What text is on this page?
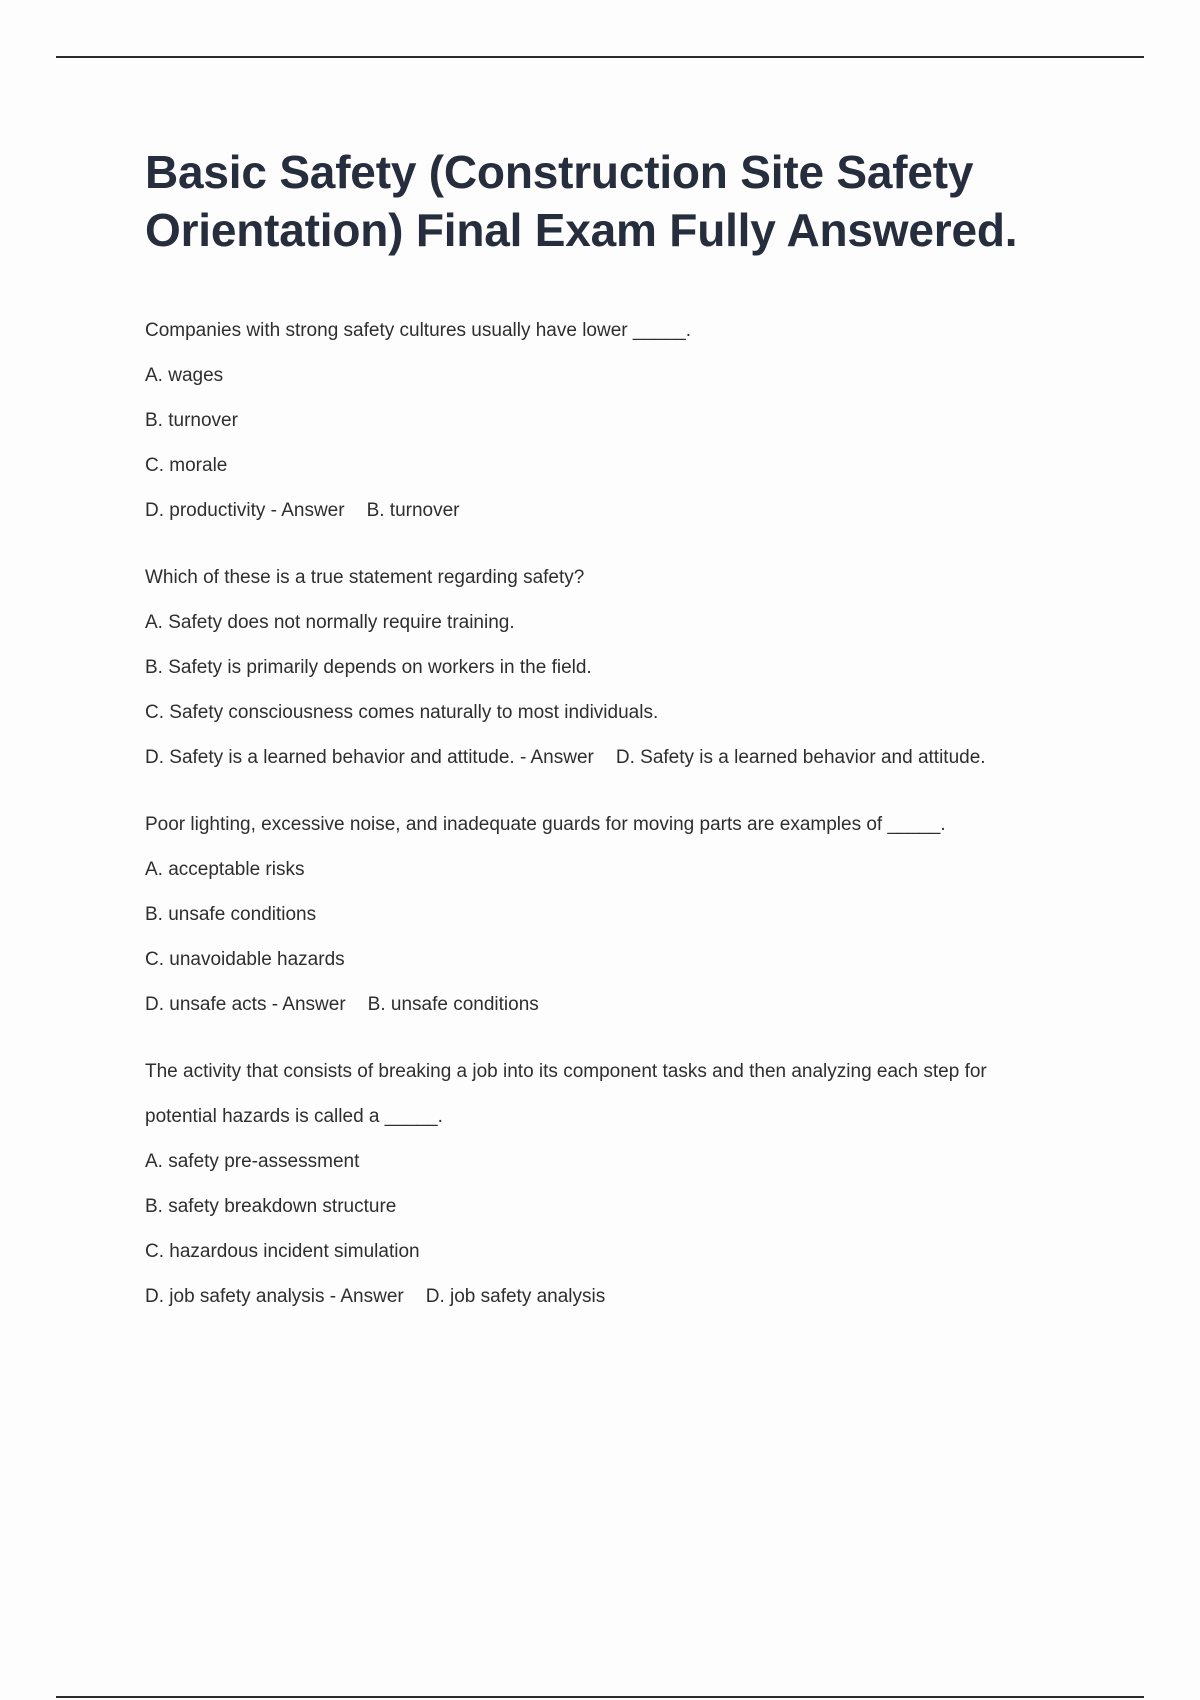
Basic Safety (Construction Site Safety Orientation) Final Exam Fully Answered.

Companies with strong safety cultures usually have lower _____.

A. wages

B. turnover

C. morale

D. productivity - Answer B. turnover

Which of these is a true statement regarding safety?

A. Safety does not normally require training.

B. Safety is primarily depends on workers in the field.

C. Safety consciousness comes naturally to most individuals.

D. Safety is a learned behavior and attitude. - Answer D. Safety is a learned behavior and attitude.

Poor lighting, excessive noise, and inadequate guards for moving parts are examples of _____.

A. acceptable risks

B. unsafe conditions

C. unavoidable hazards

D. unsafe acts - Answer B. unsafe conditions

The activity that consists of breaking a job into its component tasks and then analyzing each step for

potential hazards is called a _____.

A. safety pre-assessment

B. safety breakdown structure

C. hazardous incident simulation

D. job safety analysis - Answer D. job safety analysis
